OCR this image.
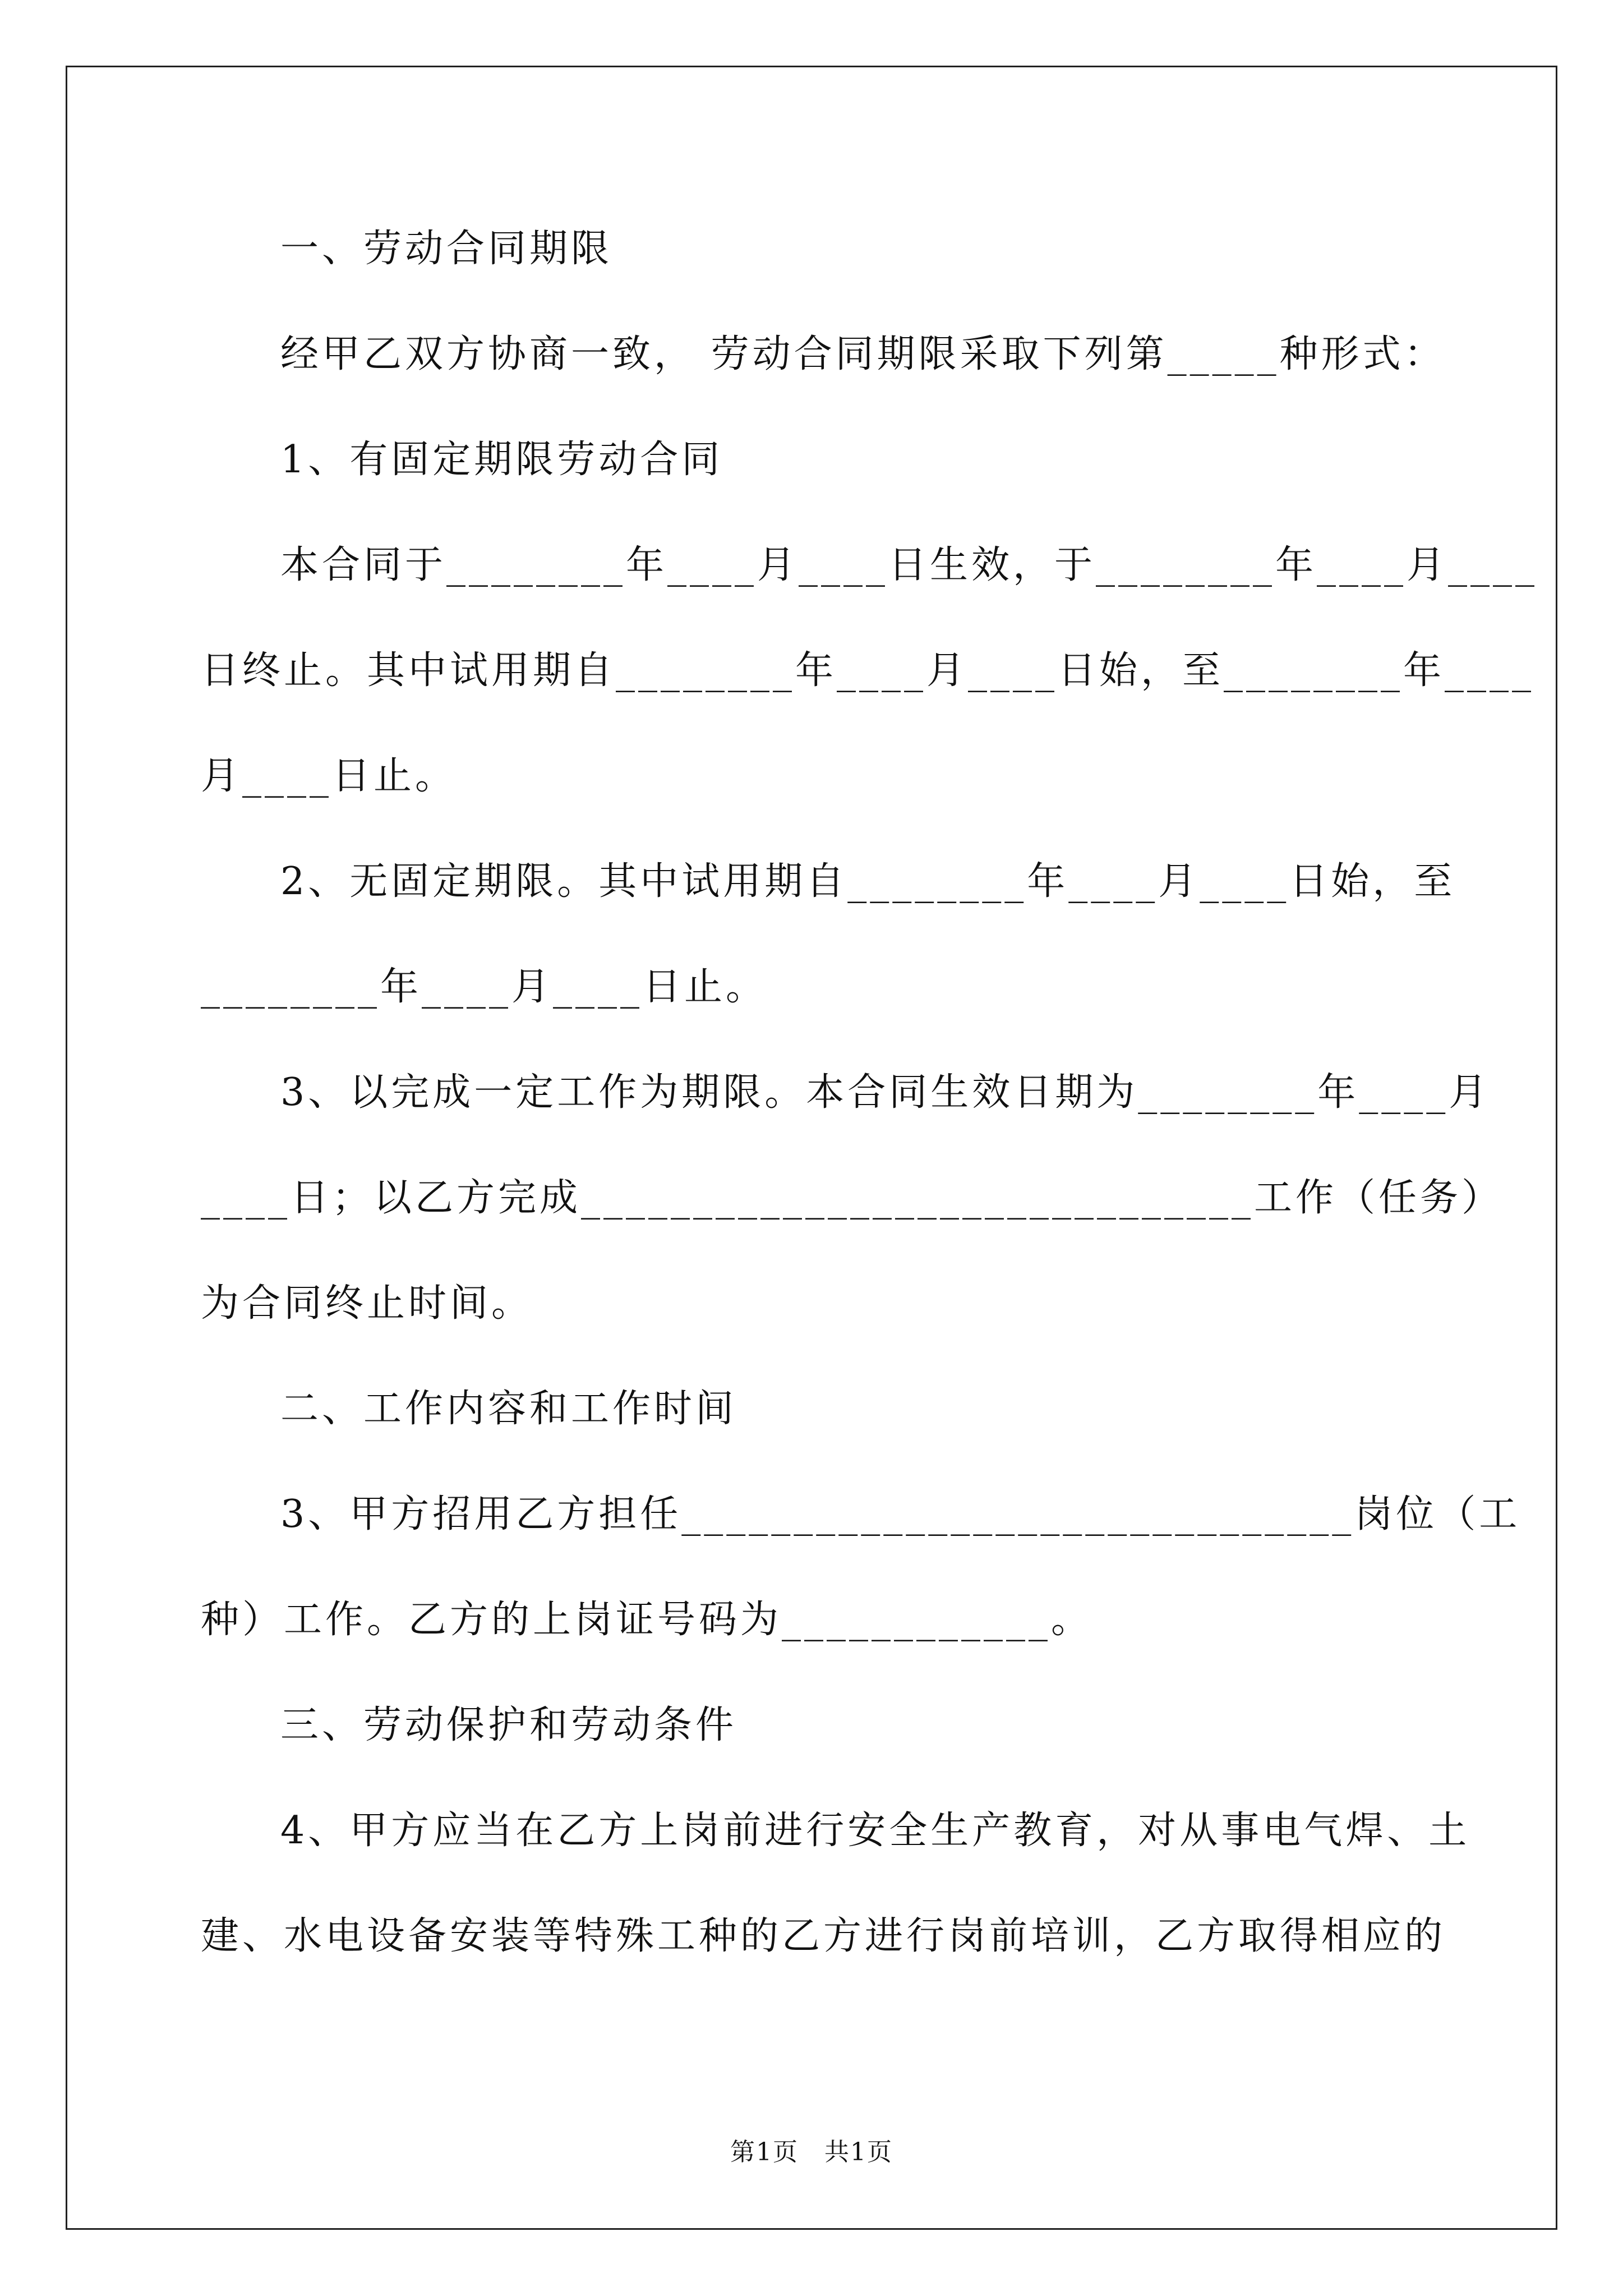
一、劳动合同期限
经甲乙双方协商一致， 劳动合同期限采取下列第_____种形式：
1、有固定期限劳动合同
本合同于________年____月____日生效，于________年____月____
日终止。其中试用期自________年____月____日始，至________年____
月____日止。
2、无固定期限。其中试用期自________年____月____日始，至
________年____月____日止。
3、以完成一定工作为期限。本合同生效日期为________年____月
____日；以乙方完成______________________________工作（任务）
为合同终止时间。
二、工作内容和工作时间
3、甲方招用乙方担任______________________________岗位（工
种）工作。乙方的上岗证号码为____________。
三、劳动保护和劳动条件
4、甲方应当在乙方上岗前进行安全生产教育，对从事电气焊、土
建、水电设备安装等特殊工种的乙方进行岗前培训，乙方取得相应的
第1页　共1页
